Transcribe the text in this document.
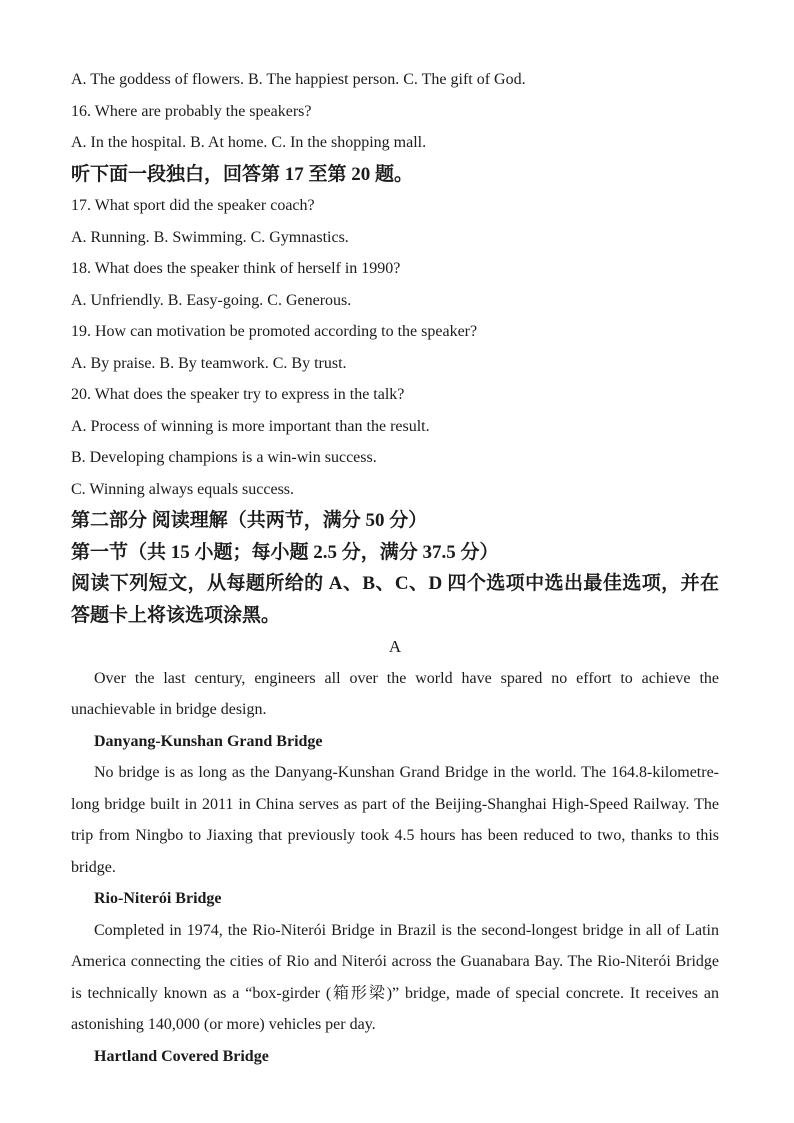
A. The goddess of flowers. B. The happiest person. C. The gift of God.
16. Where are probably the speakers?
A. In the hospital. B. At home. C. In the shopping mall.
听下面一段独白，回答第 17 至第 20 题。
17. What sport did the speaker coach?
A. Running. B. Swimming. C. Gymnastics.
18. What does the speaker think of herself in 1990?
A. Unfriendly. B. Easy-going. C. Generous.
19. How can motivation be promoted according to the speaker?
A. By praise. B. By teamwork. C. By trust.
20. What does the speaker try to express in the talk?
A. Process of winning is more important than the result.
B. Developing champions is a win-win success.
C. Winning always equals success.
第二部分 阅读理解（共两节，满分 50 分）
第一节（共 15 小题；每小题 2.5 分，满分 37.5 分）
阅读下列短文，从每题所给的 A、B、C、D 四个选项中选出最佳选项，并在答题卡上将该选项涂黑。
A
Over the last century, engineers all over the world have spared no effort to achieve the unachievable in bridge design.
Danyang-Kunshan Grand Bridge
No bridge is as long as the Danyang-Kunshan Grand Bridge in the world. The 164.8-kilometre-long bridge built in 2011 in China serves as part of the Beijing-Shanghai High-Speed Railway. The trip from Ningbo to Jiaxing that previously took 4.5 hours has been reduced to two, thanks to this bridge.
Rio-Niterói Bridge
Completed in 1974, the Rio-Niterói Bridge in Brazil is the second-longest bridge in all of Latin America connecting the cities of Rio and Niterói across the Guanabara Bay. The Rio-Niterói Bridge is technically known as a “box-girder (箱形梁)” bridge, made of special concrete. It receives an astonishing 140,000 (or more) vehicles per day.
Hartland Covered Bridge
